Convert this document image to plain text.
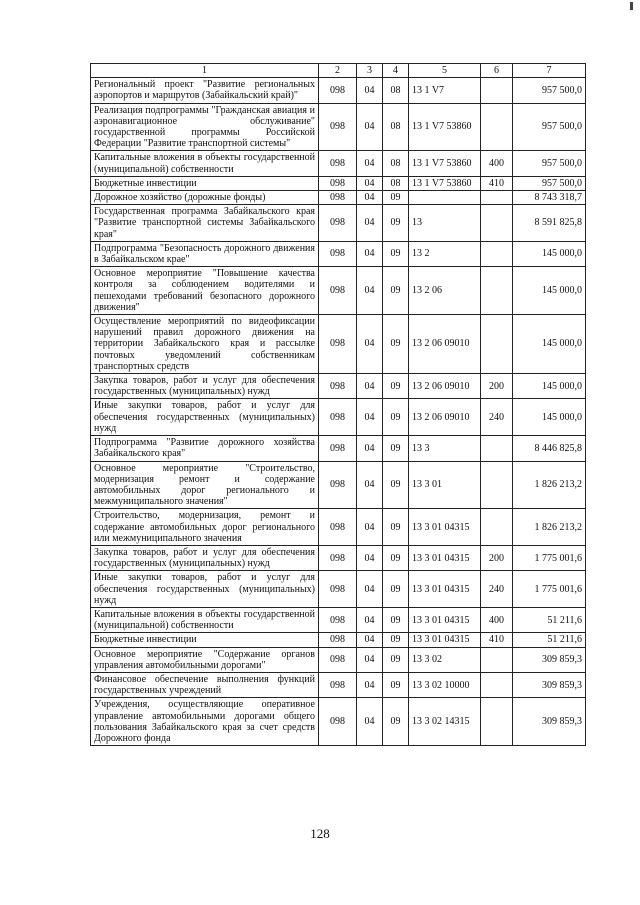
1	2	3	4	5	6	7
Региональный проект "Развитие региональных аэропортов и маршрутов (Забайкальский край)"	098	04	08	13 1 V7		957 500,0
Реализация подпрограммы "Гражданская авиация и аэронавигационное обслуживание" государственной программы Российской Федерации "Развитие транспортной системы"	098	04	08	13 1 V7 53860		957 500,0
Капитальные вложения в объекты государственной (муниципальной) собственности	098	04	08	13 1 V7 53860	400	957 500,0
Бюджетные инвестиции	098	04	08	13 1 V7 53860	410	957 500,0
Дорожное хозяйство (дорожные фонды)	098	04	09			8 743 318,7
Государственная программа Забайкальского края "Развитие транспортной системы Забайкальского края"	098	04	09	13		8 591 825,8
Подпрограмма "Безопасность дорожного движения в Забайкальском крае"	098	04	09	13 2		145 000,0
Основное мероприятие "Повышение качества контроля за соблюдением водителями и пешеходами требований безопасного дорожного движения"	098	04	09	13 2 06		145 000,0
Осуществление мероприятий по видеофиксации нарушений правил дорожного движения на территории Забайкальского края и рассылке почтовых уведомлений собственникам транспортных средств	098	04	09	13 2 06 09010		145 000,0
Закупка товаров, работ и услуг для обеспечения государственных (муниципальных) нужд	098	04	09	13 2 06 09010	200	145 000,0
Иные закупки товаров, работ и услуг для обеспечения государственных (муниципальных) нужд	098	04	09	13 2 06 09010	240	145 000,0
Подпрограмма "Развитие дорожного хозяйства Забайкальского края"	098	04	09	13 3		8 446 825,8
Основное мероприятие "Строительство, модернизация ремонт и содержание автомобильных дорог регионального и межмуниципального значения"	098	04	09	13 3 01		1 826 213,2
Строительство, модернизация, ремонт и содержание автомобильных дорог регионального или межмуниципального значения	098	04	09	13 3 01 04315		1 826 213,2
Закупка товаров, работ и услуг для обеспечения государственных (муниципальных) нужд	098	04	09	13 3 01 04315	200	1 775 001,6
Иные закупки товаров, работ и услуг для обеспечения государственных (муниципальных) нужд	098	04	09	13 3 01 04315	240	1 775 001,6
Капитальные вложения в объекты государственной (муниципальной) собственности	098	04	09	13 3 01 04315	400	51 211,6
Бюджетные инвестиции	098	04	09	13 3 01 04315	410	51 211,6
Основное мероприятие "Содержание органов управления автомобильными дорогами"	098	04	09	13 3 02		309 859,3
Финансовое обеспечение выполнения функций государственных учреждений	098	04	09	13 3 02 10000		309 859,3
Учреждения, осуществляющие оперативное управление автомобильными дорогами общего пользования Забайкальского края за счет средств Дорожного фонда	098	04	09	13 3 02 14315		309 859,3
128
